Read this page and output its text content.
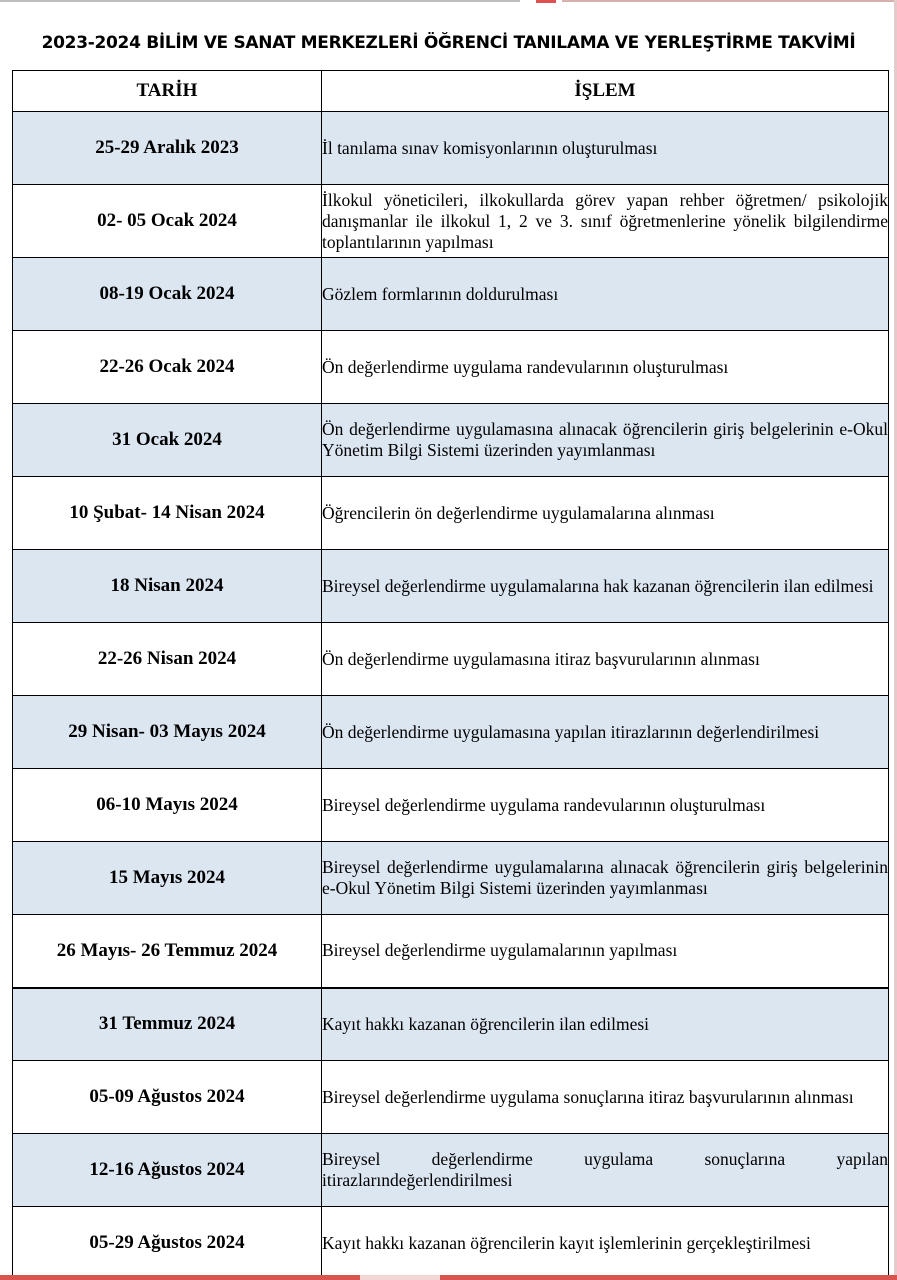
2023-2024 BİLİM VE SANAT MERKEZLERİ ÖĞRENCİ TANILAMA VE YERLEŞTİRME TAKVİMİ
TARİH	İŞLEM
25-29 Aralık 2023	İl tanılama sınav komisyonlarının oluşturulması
02- 05 Ocak 2024	İlkokul yöneticileri, ilkokullarda görev yapan rehber öğretmen/ psikolojik danışmanlar ile ilkokul 1, 2 ve 3. sınıf öğretmenlerine yönelik bilgilendirme toplantılarının yapılması
08-19 Ocak 2024	Gözlem formlarının doldurulması
22-26 Ocak 2024	Ön değerlendirme uygulama randevularının oluşturulması
31 Ocak 2024	Ön değerlendirme uygulamasına alınacak öğrencilerin giriş belgelerinin e-Okul Yönetim Bilgi Sistemi üzerinden yayımlanması
10 Şubat- 14 Nisan 2024	Öğrencilerin ön değerlendirme uygulamalarına alınması
18 Nisan 2024	Bireysel değerlendirme uygulamalarına hak kazanan öğrencilerin ilan edilmesi
22-26 Nisan 2024	Ön değerlendirme uygulamasına itiraz başvurularının alınması
29 Nisan- 03 Mayıs 2024	Ön değerlendirme uygulamasına yapılan itirazlarının değerlendirilmesi
06-10 Mayıs 2024	Bireysel değerlendirme uygulama randevularının oluşturulması
15 Mayıs 2024	Bireysel değerlendirme uygulamalarına alınacak öğrencilerin giriş belgelerinin e-Okul Yönetim Bilgi Sistemi üzerinden yayımlanması
26 Mayıs- 26 Temmuz 2024	Bireysel değerlendirme uygulamalarının yapılması
31 Temmuz 2024	Kayıt hakkı kazanan öğrencilerin ilan edilmesi
05-09 Ağustos 2024	Bireysel değerlendirme uygulama sonuçlarına itiraz başvurularının alınması
12-16 Ağustos 2024	Bireysel değerlendirme uygulama sonuçlarına yapılan itirazlarındeğerlendirilmesi
05-29 Ağustos 2024	Kayıt hakkı kazanan öğrencilerin kayıt işlemlerinin gerçekleştirilmesi
